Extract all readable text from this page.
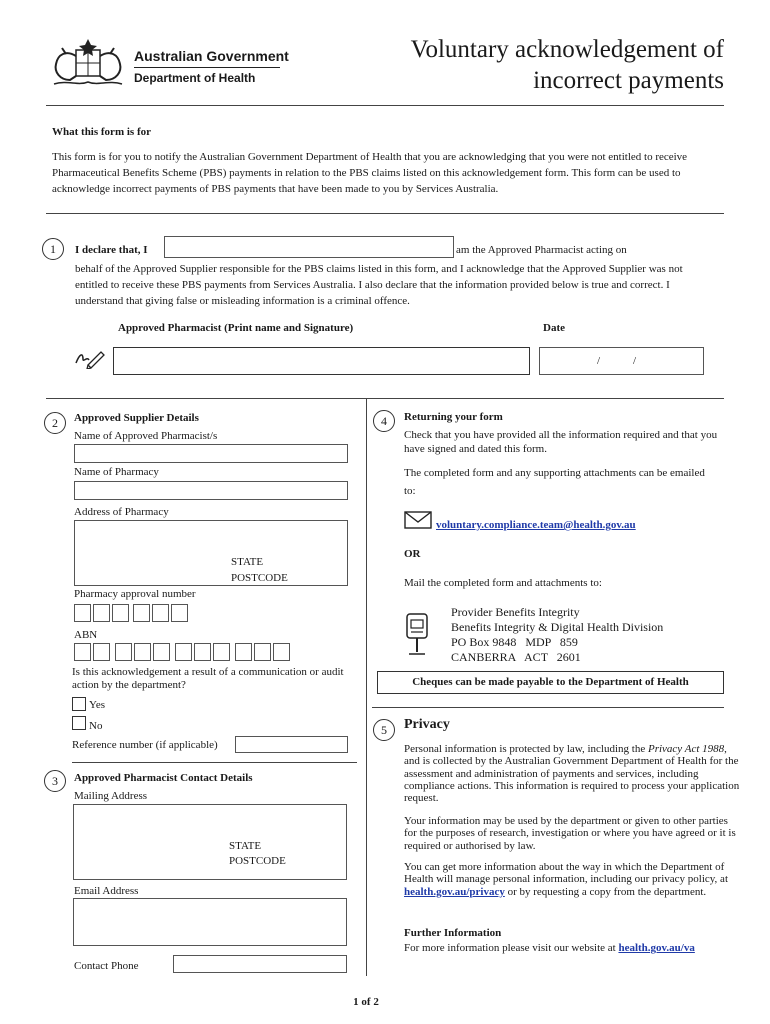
Australian Government
Department of Health
Voluntary acknowledgement of
incorrect payments
What this form is for
This form is for you to notify the Australian Government Department of Health that you are acknowledging that you were not entitled to receive Pharmaceutical Benefits Scheme (PBS) payments in relation to the PBS claims listed on this acknowledgement form. This form can be used to acknowledge incorrect payments of PBS payments that have been made to you by Services Australia.
1	I declare that, I	am the Approved Pharmacist acting on
behalf of the Approved Supplier responsible for the PBS claims listed in this form, and I acknowledge that the Approved Supplier was not entitled to receive these PBS payments from Services Australia. I also declare that the information provided below is true and correct. I understand that giving false or misleading information is a criminal offence.
Approved Pharmacist (Print name and Signature)	Date
/            /
2	Approved Supplier Details
Name of Approved Pharmacist/s
Name of Pharmacy
Address of Pharmacy
STATE
POSTCODE
Pharmacy approval number
ABN
Is this acknowledgement a result of a communication or audit action by the department?
Yes
No
Reference number (if applicable)
3	Approved Pharmacist Contact Details
Mailing Address
STATE
POSTCODE
Email Address
Contact Phone
4	Returning your form
Check that you have provided all the information required and that you have signed and dated this form.
The completed form and any supporting attachments can be emailed to:
voluntary.compliance.team@health.gov.au
OR
Mail the completed form and attachments to:
Provider Benefits Integrity
Benefits Integrity & Digital Health Division
PO Box 9848   MDP   859
CANBERRA   ACT   2601
Cheques can be made payable to the Department of Health
5	Privacy
Personal information is protected by law, including the Privacy Act 1988, and is collected by the Australian Government Department of Health for the assessment and administration of payments and services, including compliance actions. This information is required to process your application request.
Your information may be used by the department or given to other parties for the purposes of research, investigation or where you have agreed or it is required or authorised by law.
You can get more information about the way in which the Department of Health will manage personal information, including our privacy policy, at health.gov.au/privacy or by requesting a copy from the department.
Further Information
For more information please visit our website at health.gov.au/va
1 of 2
